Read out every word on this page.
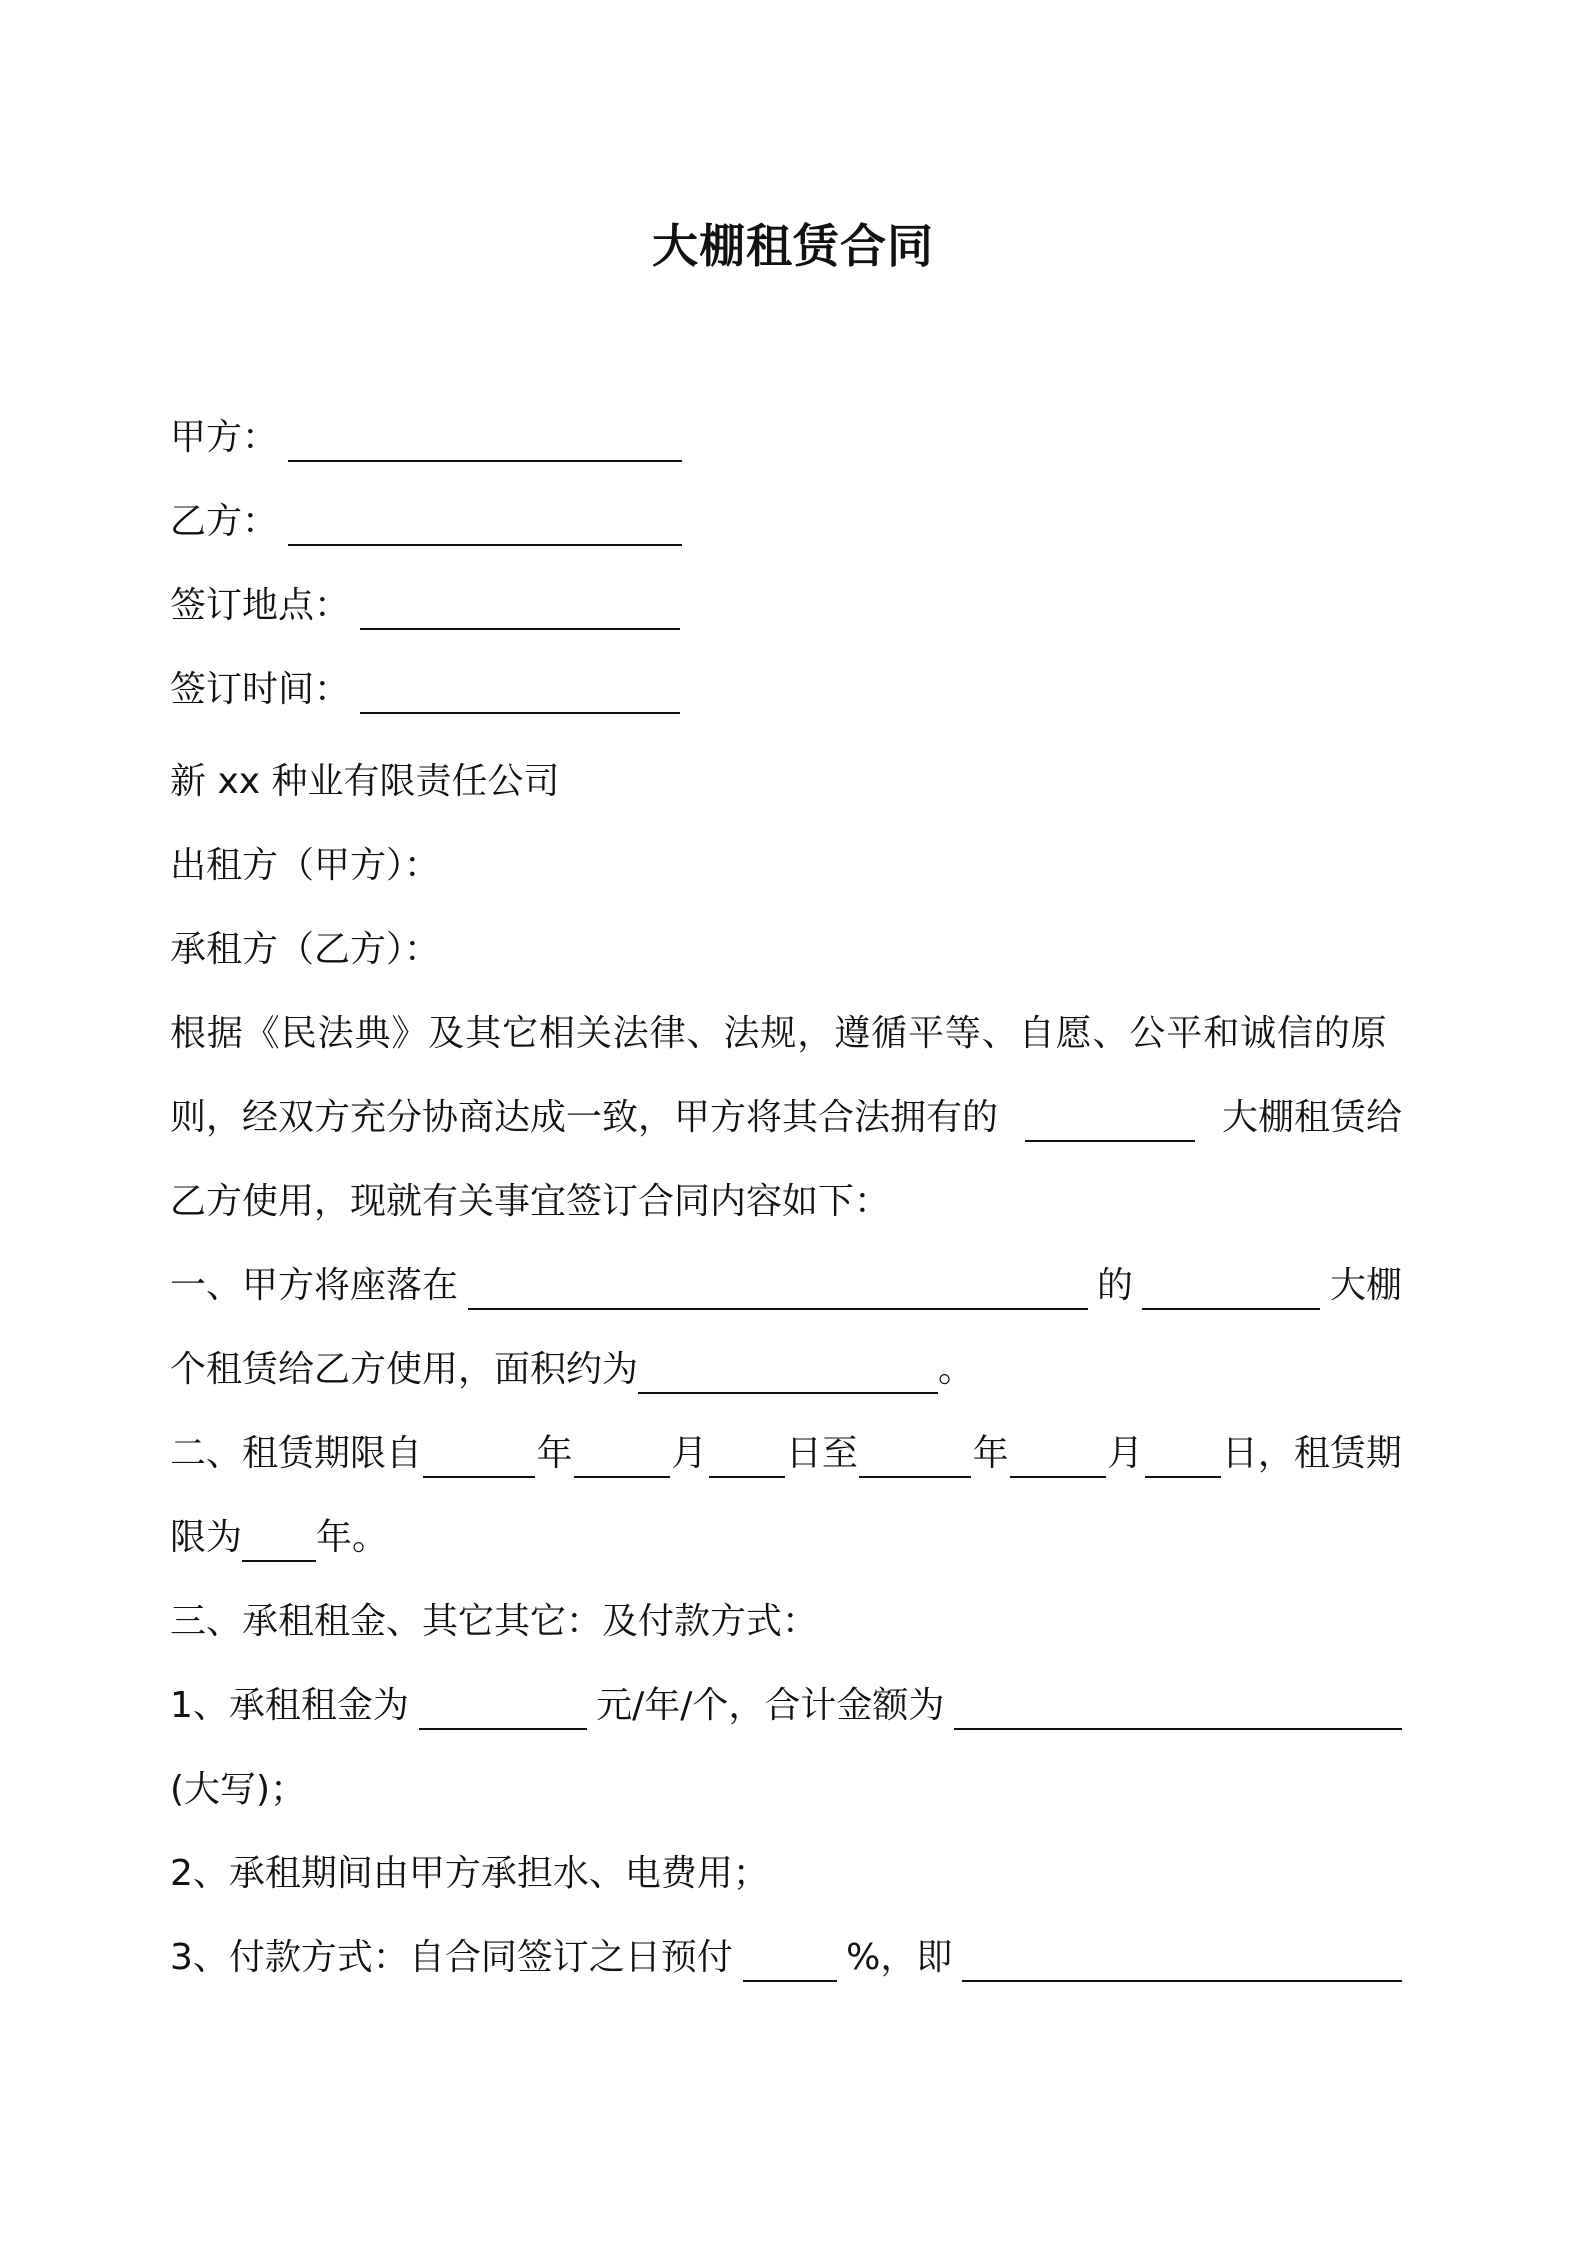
大棚租赁合同
甲方：
乙方：
签订地点：
签订时间：
新 xx 种业有限责任公司
出租方（甲方）：
承租方（乙方）：
根据《民法典》及其它相关法律、法规，遵循平等、自愿、公平和诚信的原
则，经双方充分协商达成一致，甲方将其合法拥有的	大棚租赁给
乙方使用，现就有关事宜签订合同内容如下：
一、甲方将座落在	的	大棚
个租赁给乙方使用，面积约为	。
二、租赁期限自	年	月 日至	年	月 日，租赁期
限为 年。
三、承租租金、其它其它：及付款方式：
1、承租租金为	元/年/个，合计金额为
(大写)；
2、承租期间由甲方承担水、电费用；
3、付款方式：自合同签订之日预付	%，即
